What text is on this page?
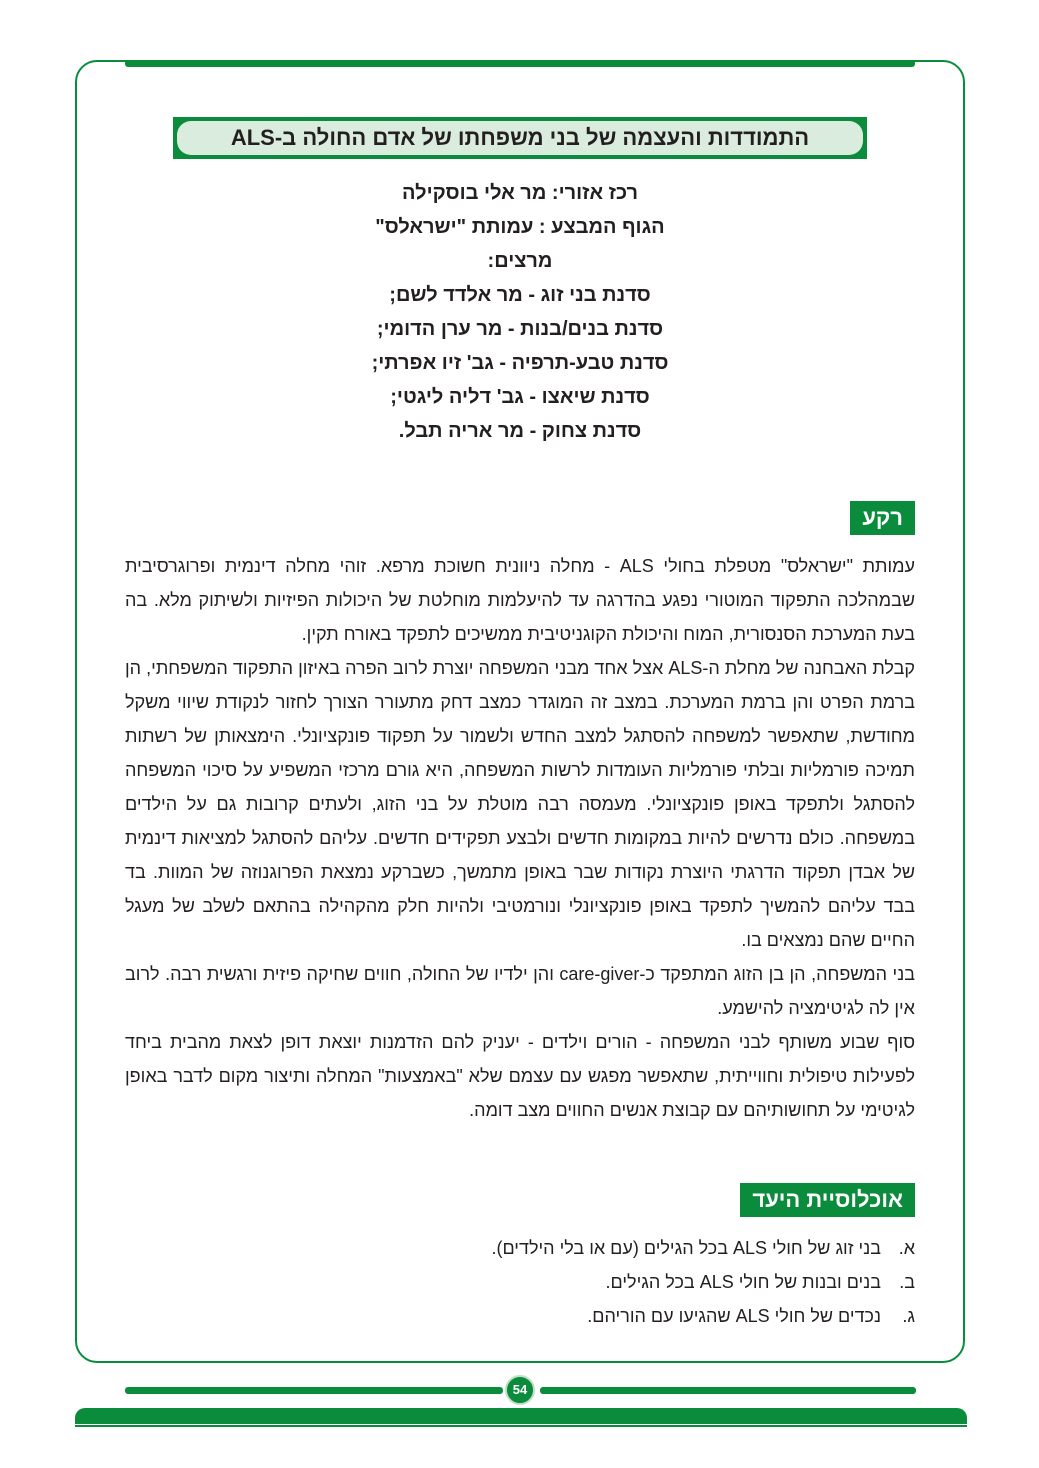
התמודדות והעצמה של בני משפחתו של אדם החולה ב-ALS
רכז אזורי: מר אלי בוסקילה
הגוף המבצע : עמותת "ישראלס"
מרצים:
סדנת בני זוג - מר אלדד לשם;
סדנת בנים/בנות - מר ערן הדומי;
סדנת טבע-תרפיה - גב' זיו אפרתי;
סדנת שיאצו - גב' דליה ליגטי;
סדנת צחוק - מר אריה תבל.
רקע

עמותת "ישראלס" מטפלת בחולי ALS - מחלה ניוונית חשוכת מרפא. זוהי מחלה דינמית ופרוגרסיבית שבמהלכה התפקוד המוטורי נפגע בהדרגה עד להיעלמות מוחלטת של היכולות הפיזיות ולשיתוק מלא. בה בעת המערכת הסנסורית, המוח והיכולת הקוגניטיבית ממשיכים לתפקד באורח תקין.

קבלת האבחנה של מחלת ה-ALS אצל אחד מבני המשפחה יוצרת לרוב הפרה באיזון התפקוד המשפחתי, הן ברמת הפרט והן ברמת המערכת. במצב זה המוגדר כמצב דחק מתעורר הצורך לחזור לנקודת שיווי משקל מחודשת, שתאפשר למשפחה להסתגל למצב החדש ולשמור על תפקוד פונקציונלי. הימצאותן של רשתות תמיכה פורמליות ובלתי פורמליות העומדות לרשות המשפחה, היא גורם מרכזי המשפיע על סיכוי המשפחה להסתגל ולתפקד באופן פונקציונלי. מעמסה רבה מוטלת על בני הזוג, ולעתים קרובות גם על הילדים במשפחה. כולם נדרשים להיות במקומות חדשים ולבצע תפקידים חדשים. עליהם להסתגל למציאות דינמית של אבדן תפקוד הדרגתי היוצרת נקודות שבר באופן מתמשך, כשברקע נמצאת הפרוגנוזה של המוות. בד בבד עליהם להמשיך לתפקד באופן פונקציונלי ונורמטיבי ולהיות חלק מהקהילה בהתאם לשלב של מעגל החיים שהם נמצאים בו.

בני המשפחה, הן בן הזוג המתפקד כ-care-giver והן ילדיו של החולה, חווים שחיקה פיזית ורגשית רבה. לרוב אין לה לגיטימציה להישמע.

סוף שבוע משותף לבני המשפחה - הורים וילדים - יעניק להם הזדמנות יוצאת דופן לצאת מהבית ביחד לפעילות טיפולית וחווייתית, שתאפשר מפגש עם עצמם שלא "באמצעות" המחלה ותיצור מקום לדבר באופן לגיטימי על תחושותיהם עם קבוצת אנשים החווים מצב דומה.

אוכלוסיית היעד
א.
בני זוג של חולי ALS בכל הגילים (עם או בלי הילדים).
ב.
בנים ובנות של חולי ALS בכל הגילים.
ג.
נכדים של חולי ALS שהגיעו עם הוריהם.
54
